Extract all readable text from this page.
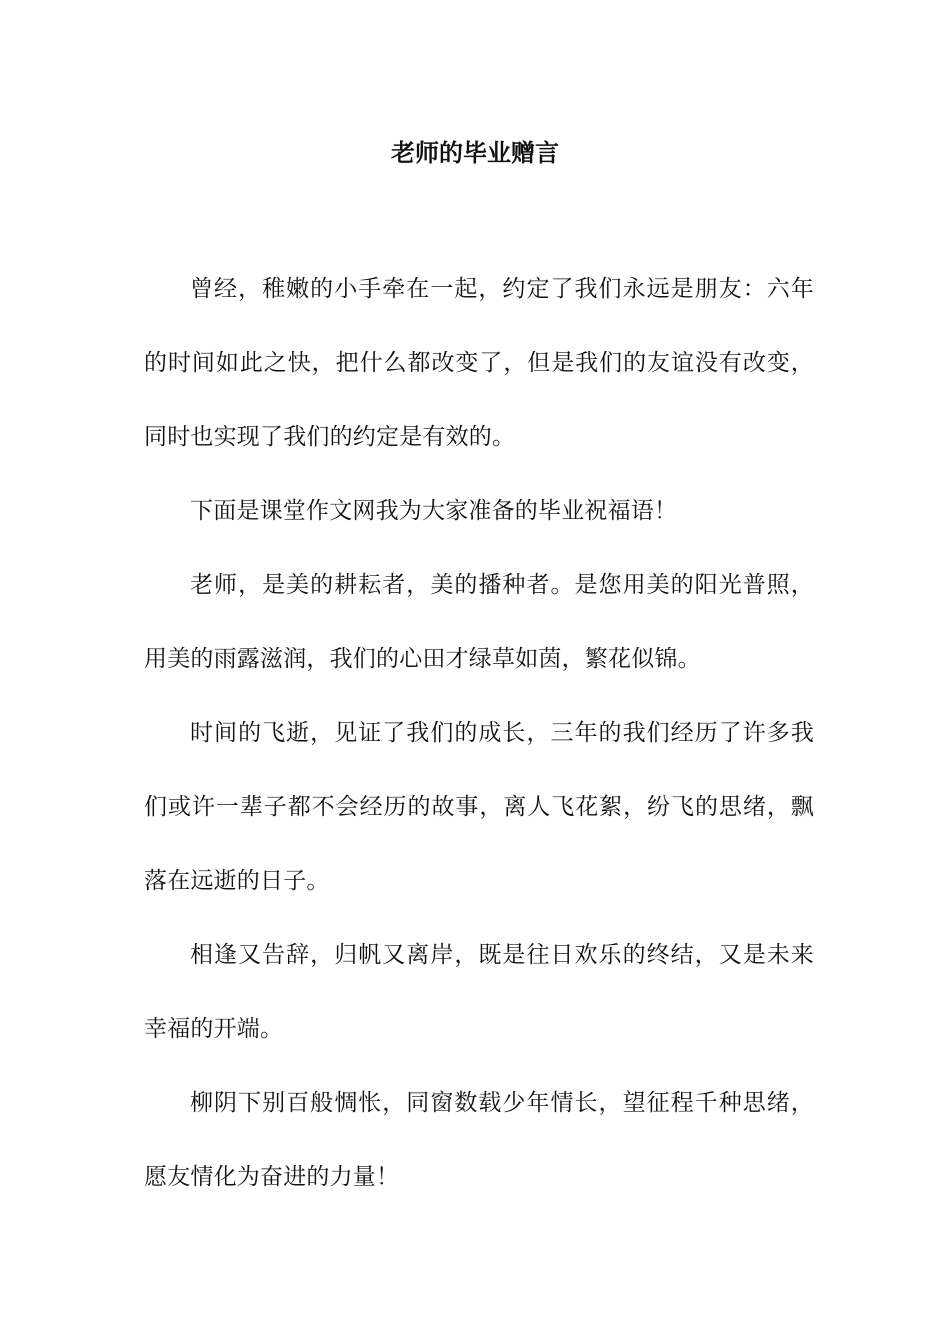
老师的毕业赠言

曾经，稚嫩的小手牵在一起，约定了我们永远是朋友：六年的时间如此之快，把什么都改变了，但是我们的友谊没有改变，同时也实现了我们的约定是有效的。

下面是课堂作文网我为大家准备的毕业祝福语！

老师，是美的耕耘者，美的播种者。是您用美的阳光普照，用美的雨露滋润，我们的心田才绿草如茵，繁花似锦。

时间的飞逝，见证了我们的成长，三年的我们经历了许多我们或许一辈子都不会经历的故事，离人飞花絮，纷飞的思绪，飘落在远逝的日子。

相逢又告辞，归帆又离岸，既是往日欢乐的终结，又是未来幸福的开端。

柳阴下别百般惆怅，同窗数载少年情长，望征程千种思绪，愿友情化为奋进的力量！
